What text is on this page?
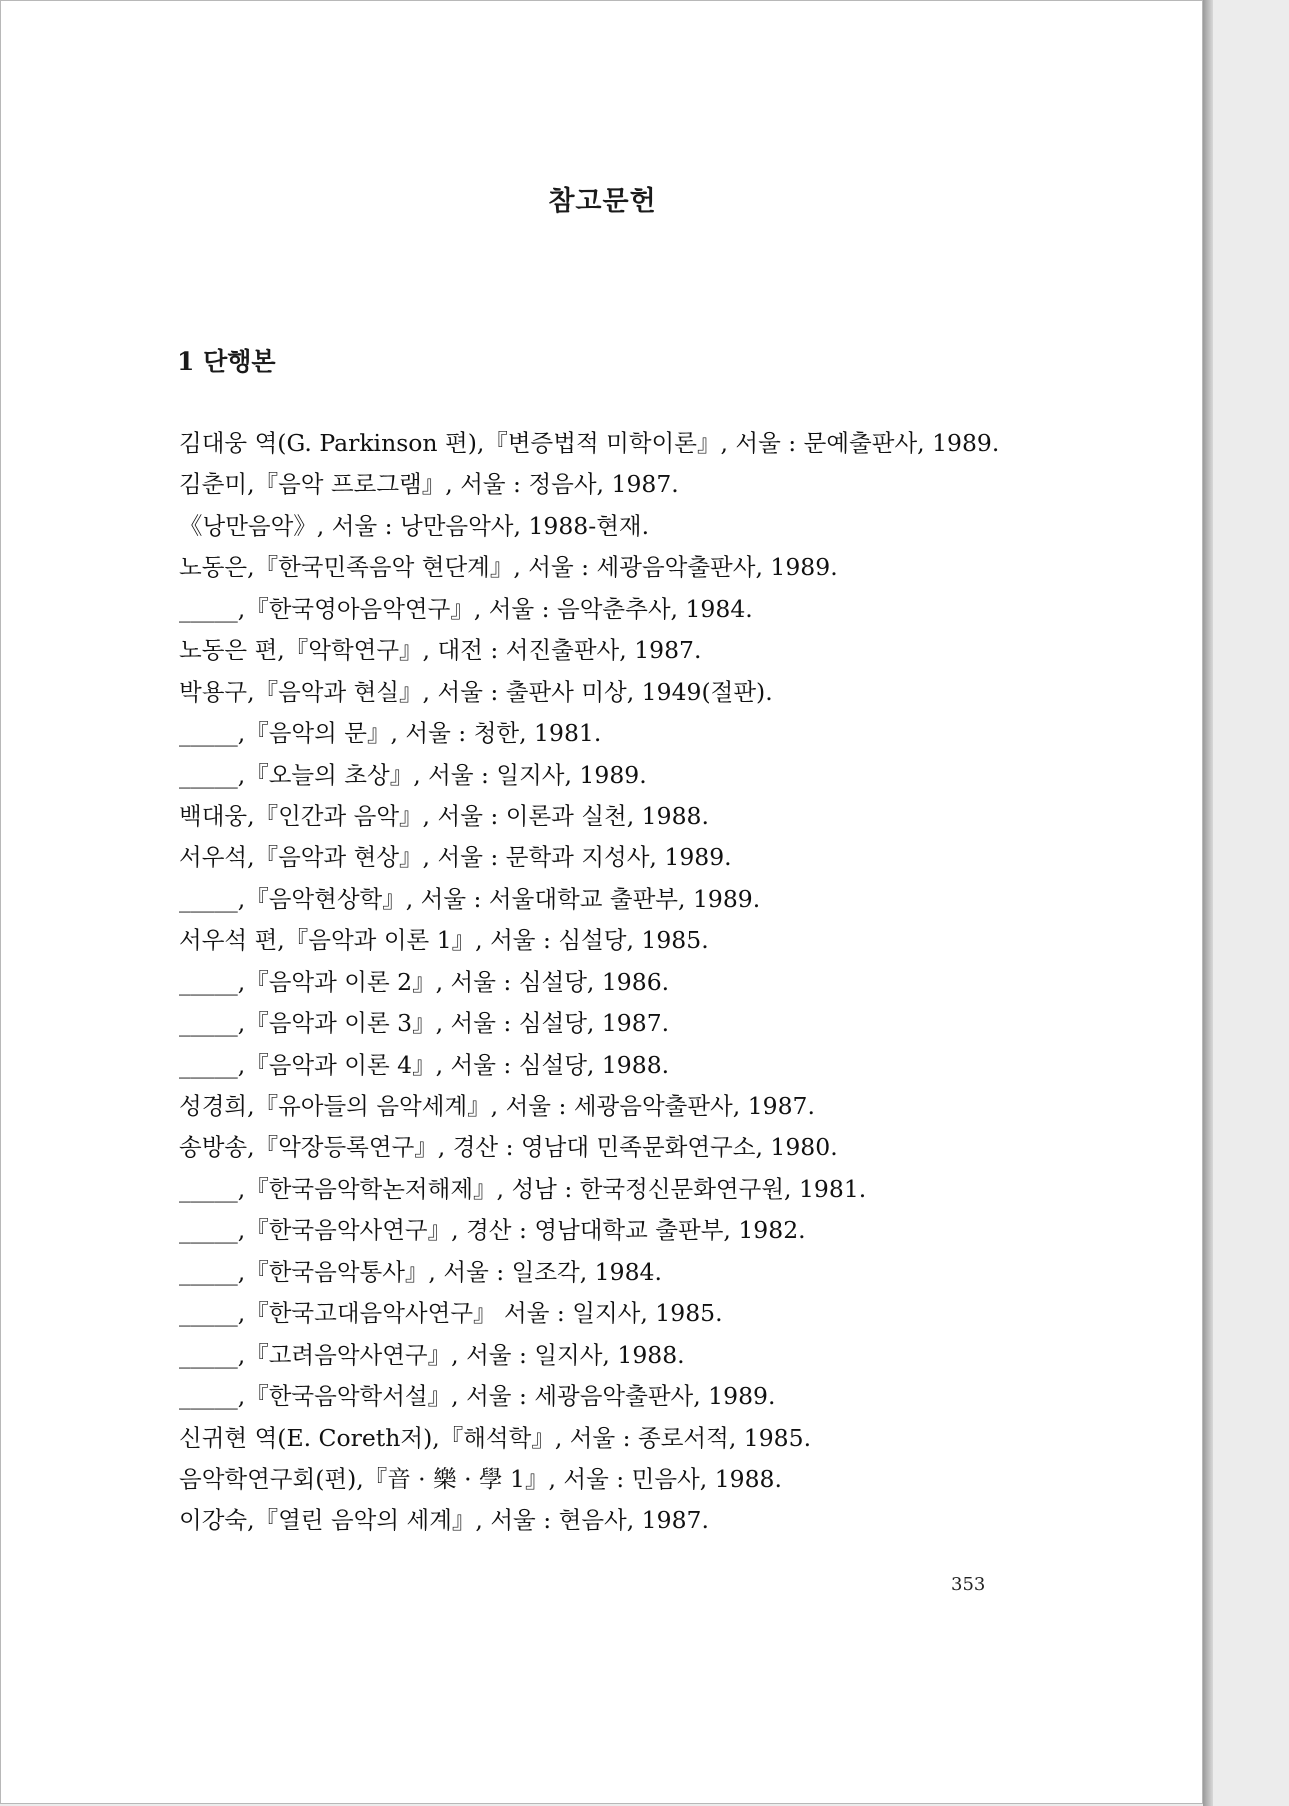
참고문헌
1 단행본
김대웅 역(G. Parkinson 편),『변증법적 미학이론』, 서울 : 문예출판사, 1989.
김춘미,『음악 프로그램』, 서울 : 정음사, 1987.
《낭만음악》, 서울 : 낭만음악사, 1988-현재.
노동은,『한국민족음악 현단계』, 서울 : 세광음악출판사, 1989.
_____,『한국영아음악연구』, 서울 : 음악춘추사, 1984.
노동은 편,『악학연구』, 대전 : 서진출판사, 1987.
박용구,『음악과 현실』, 서울 : 출판사 미상, 1949(절판).
_____,『음악의 문』, 서울 : 청한, 1981.
_____,『오늘의 초상』, 서울 : 일지사, 1989.
백대웅,『인간과 음악』, 서울 : 이론과 실천, 1988.
서우석,『음악과 현상』, 서울 : 문학과 지성사, 1989.
_____,『음악현상학』, 서울 : 서울대학교 출판부, 1989.
서우석 편,『음악과 이론 1』, 서울 : 심설당, 1985.
_____,『음악과 이론 2』, 서울 : 심설당, 1986.
_____,『음악과 이론 3』, 서울 : 심설당, 1987.
_____,『음악과 이론 4』, 서울 : 심설당, 1988.
성경희,『유아들의 음악세계』, 서울 : 세광음악출판사, 1987.
송방송,『악장등록연구』, 경산 : 영남대 민족문화연구소, 1980.
_____,『한국음악학논저해제』, 성남 : 한국정신문화연구원, 1981.
_____,『한국음악사연구』, 경산 : 영남대학교 출판부, 1982.
_____,『한국음악통사』, 서울 : 일조각, 1984.
_____,『한국고대음악사연구』 서울 : 일지사, 1985.
_____,『고려음악사연구』, 서울 : 일지사, 1988.
_____,『한국음악학서설』, 서울 : 세광음악출판사, 1989.
신귀현 역(E. Coreth저),『해석학』, 서울 : 종로서적, 1985.
음악학연구회(편),『音 · 樂 · 學 1』, 서울 : 민음사, 1988.
이강숙,『열린 음악의 세계』, 서울 : 현음사, 1987.
353
